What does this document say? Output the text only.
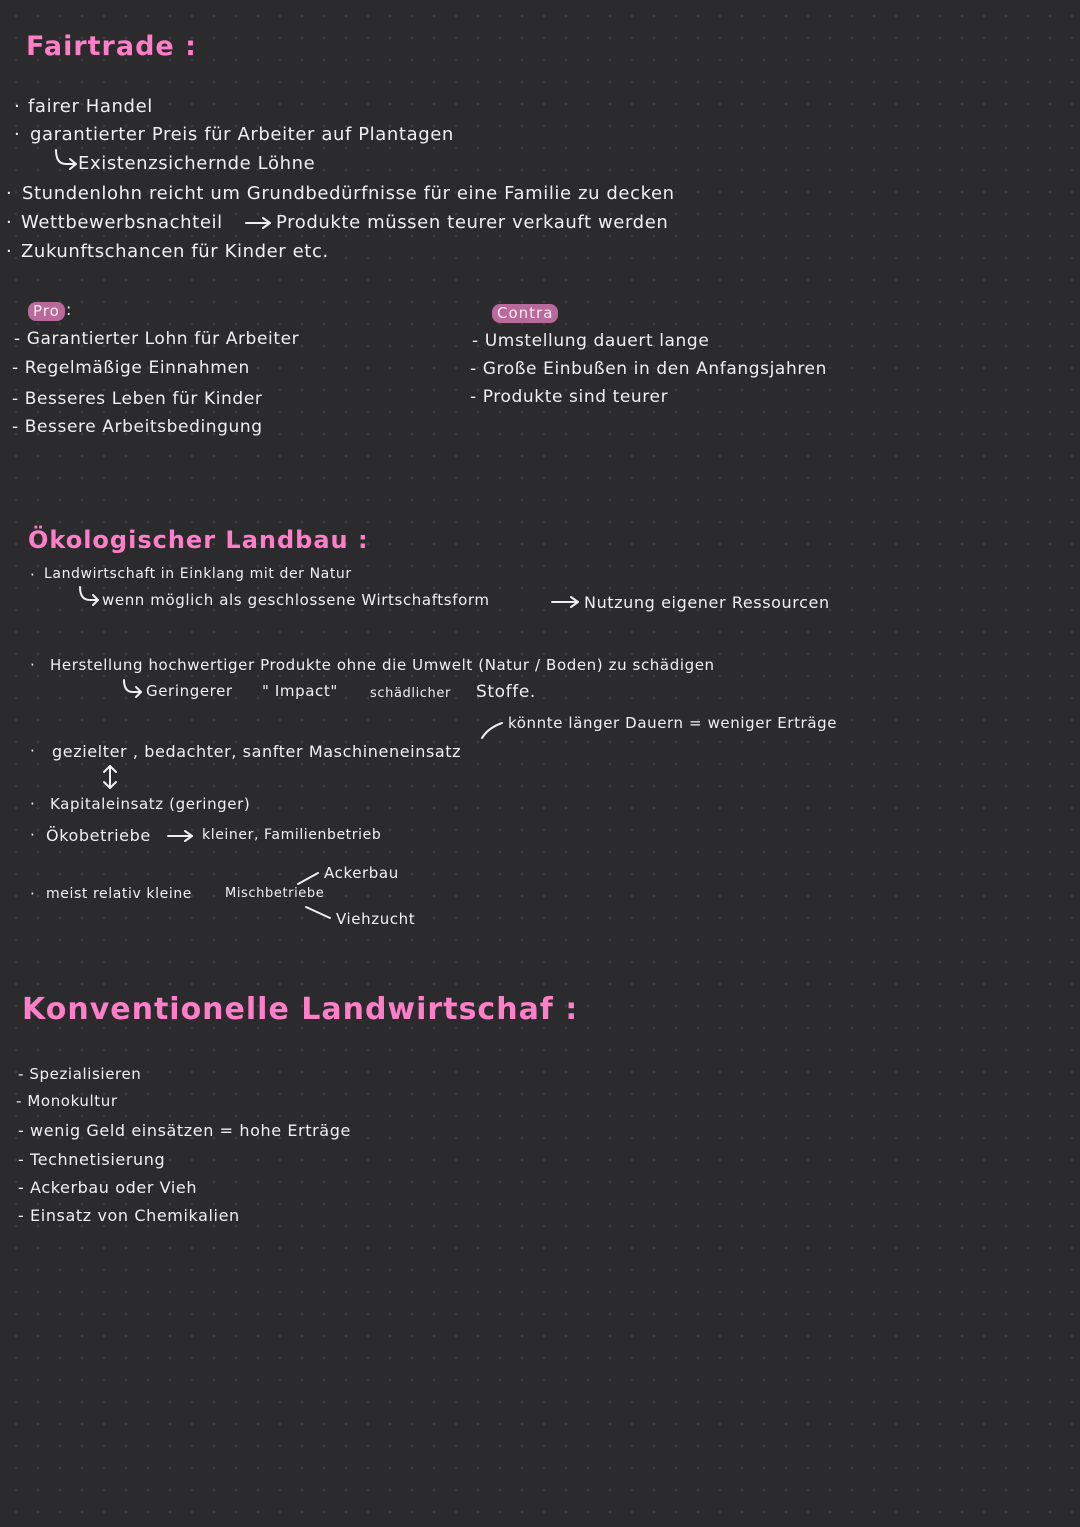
Fairtrade :
· fairer Handel
· garantierter Preis für Arbeiter auf Plantagen
Existenzsichernde Löhne
· Stundenlohn reicht um Grundbedürfnisse für eine Familie zu decken
· Wettbewerbsnachteil	Produkte müssen teurer verkauft werden
· Zukunftschancen für Kinder etc.
Pro :
- Garantierter Lohn für Arbeiter
- Regelmäßige Einnahmen
- Besseres Leben für Kinder
- Bessere Arbeitsbedingung
Contra
- Umstellung dauert lange
- Große Einbußen in den Anfangsjahren
- Produkte sind teurer
Ökologischer Landbau :
· Landwirtschaft in Einklang mit der Natur
wenn möglich als geschlossene Wirtschaftsform	Nutzung eigener Ressourcen
· Herstellung hochwertiger Produkte ohne die Umwelt (Natur / Boden) zu schädigen
Geringerer " Impact" schädlicher Stoffe.
könnte länger Dauern = weniger Erträge
· gezielter , bedachter, sanfter Maschineneinsatz
· Kapitaleinsatz (geringer)
· Ökobetriebe	kleiner, Familienbetrieb
· meist relativ kleine	Mischbetriebe
Ackerbau
Viehzucht
Konventionelle Landwirtschaf :
- Spezialisieren
- Monokultur
- wenig Geld einsätzen = hohe Erträge
- Technetisierung
- Ackerbau oder Vieh
- Einsatz von Chemikalien
